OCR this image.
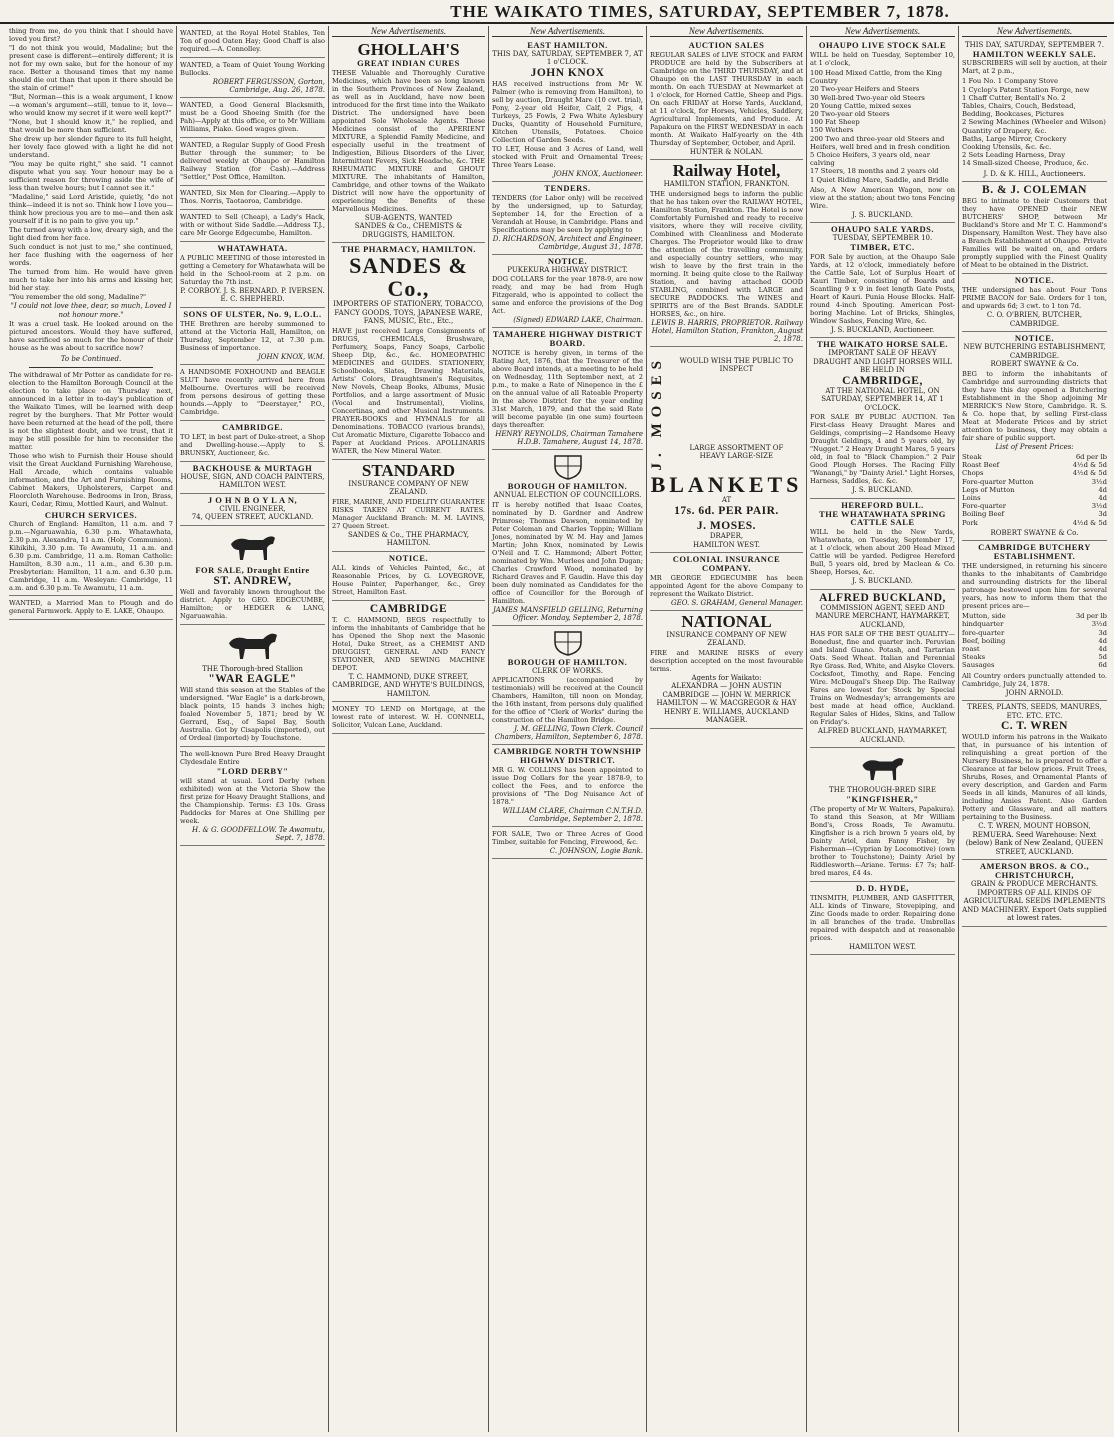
THE WAIKATO TIMES, SATURDAY, SEPTEMBER 7, 1878.
thing from me, do you think that I should have loved you first?
"I do not think you would, Madaline; but the present case is different—entirely different; it is not for my own sake, but for the honour of my race. Better a thousand times that my name should die out than that upon it there should be the stain of crime!"
"But, Norman—this is a weak argument, I know—a woman's argument—still, tenue to it, love—who would know my secret if it were well kept?"
"None, but I should know it," he replied, and that would be more than sufficient.
She drew up her slender figure to its full height, her lovely face glowed with a light he did not understand.
"You may be quite right," she said. "I cannot dispute what you say. Your honour may be a sufficient reason for throwing aside the wife of less than twelve hours; but I cannot see it."
"Madaline," said Lord Aristide, quietly, "do not think—indeed it is not so. Think how I love you—think how precious you are to me—and then ask yourself if it is no pain to give you up."
The turned away with a low, dreary sigh, and the light died from her face.
Such conduct is not just to me," she continued, her face flushing with the eagerness of her words.
The turned from him. He would have given much to take her into his arms and kissing her, bid her stay.
"You remember the old song, Madaline?"
"I could not love thee, dear, so much, Loved I not honour more."
It was a cruel task. He looked around on the pictured ancestors. Would they have suffered, have sacrificed so much for the honour of their house as he was about to sacrifice now?
To be Continued.
The withdrawal of Mr Potter as candidate for re-election to the Hamilton Borough Council at the election to take place on Thursday next, announced in a letter in to-day's publication of the Waikato Times, will be learned with deep regret by the burghers. That Mr Potter would have been returned at the head of the poll, there is not the slightest doubt, and we trust, that it may be still possible for him to reconsider the matter.
Those who wish to Furnish their House should visit the Great Auckland Furnishing Warehouse, Hall Arcade, which contains valuable information, and the Art and Furnishing Rooms, Cabinet Makers, Upholsterers, Carpet and Floorcloth Warehouse. Bedrooms in Iron, Brass, Kauri, Cedar, Rimu, Mottled Kauri, and Walnut.
CHURCH SERVICES.
Church of England: Hamilton, 11 a.m. and 7 p.m.—Ngaruawahia, 6.30 p.m. Whatawhata, 2.30 p.m. Alexandra, 11 a.m. (Holy Communion). Kihikihi, 3.30 p.m. Te Awamutu, 11 a.m. and 6.30 p.m. Cambridge, 11 a.m. Roman Catholic: Hamilton, 8.30 a.m., 11 a.m., and 6.30 p.m. Presbyterian: Hamilton, 11 a.m. and 6.30 p.m. Cambridge, 11 a.m. Wesleyan: Cambridge, 11 a.m. and 6.30 p.m. Te Awamutu, 11 a.m.
WANTED, a Married Man to Plough and do general Farmwork. Apply to E. LAKE, Ohaupo.
WANTED, at the Royal Hotel Stables, Ten Ton of good Oaten Hay; Good Chaff is also required.—A. Connolley.
WANTED, a Team of Quiet Young Working Bullocks.
ROBERT FERGUSSON, Gorton, Cambridge, Aug. 26, 1878.
WANTED, a Good General Blacksmith, must be a Good Shoeing Smith (for the Pah)—Apply at this office, or to Mr William Williams, Piako. Good wages given.
WANTED, a Regular Supply of Good Fresh Butter through the summer; to be delivered weekly at Ohaupo or Hamilton Railway Station (for Cash).—Address "Settler," Post Office, Hamilton.
WANTED, Six Men for Clearing.—Apply to Thos. Norris, Taotaoroa, Cambridge.
WANTED to Sell (Cheap), a Lady's Hack, with or without Side Saddle.—Address T.J., care Mr George Edgecumbe, Hamilton.
WHATAWHATA.
A PUBLIC MEETING of those interested in getting a Cemetery for Whatawhata will be held in the School-room at 2 p.m. on Saturday the 7th inst.
P. CORBOY. J. S. BERNARD. P. IVERSEN. E. C. SHEPHERD.
SONS OF ULSTER, No. 9, L.O.L.
THE Brethren are hereby summoned to attend at the Victoria Hall, Hamilton, on Thursday, September 12, at 7.30 p.m. Business of importance.
JOHN KNOX, W.M.
A HANDSOME FOXHOUND and BEAGLE SLUT have recently arrived here from Melbourne. Overtures will be received from persons desirous of getting these hounds.—Apply to "Deerstayer," P.O., Cambridge.
CAMBRIDGE.
TO LET, in best part of Duke-street, a Shop and Dwelling-house.—Apply to S. BRUNSKY, Auctioneer, &c.
BACKHOUSE & MURTAGH
HOUSE, SIGN, AND COACH PAINTERS,
HAMILTON WEST.
J O H N B O Y L A N,
CIVIL ENGINEER,
74, QUEEN STREET, AUCKLAND.
FOR SALE, Draught Entire
ST. ANDREW,
Well and favorably known throughout the district. Apply to GEO. EDGECUMBE, Hamilton; or HEDGER & LANG, Ngaruawahia.
THE Thorough-bred Stallion
"WAR EAGLE"
Will stand this season at the Stables of the undersigned. "War Eagle" is a dark-brown, black points, 15 hands 3 inches high; foaled November 5, 1871; bred by W. Gerrard, Esq., of Sapel Bay, South Australia. Got by Cisapolis (imported), out of Ordeal (imported) by Touchstone.
The well-known Pure Bred Heavy Draught Clydesdale Entire
"LORD DERBY"
will stand at usual. Lord Derby (when exhibited) won at the Victoria Show the first prize for Heavy Draught Stallions, and the Championship. Terms: £3 10s. Grass Paddocks for Mares at One Shilling per week.
H. & G. GOODFELLOW. Te Awamutu, Sept. 7, 1878.
New Advertisements.
GHOLLAH'S
GREAT INDIAN CURES
THESE Valuable and Thoroughly Curative Medicines, which have been so long known in the Southern Provinces of New Zealand, as well as in Auckland, have now been introduced for the first time into the Waikato District. The undersigned have been appointed Sole Wholesale Agents. These Medicines consist of the APERIENT MIXTURE, a Splendid Family Medicine, and especially useful in the treatment of Indigestion, Bilious Disorders of the Liver, Intermittent Fevers, Sick Headache, &c. THE RHEUMATIC MIXTURE and GHOUT MIXTURE. The inhabitants of Hamilton, Cambridge, and other towns of the Waikato District will now have the opportunity of experiencing the Benefits of these Marvellous Medicines.
SUB-AGENTS, WANTED
SANDES & Co., CHEMISTS & DRUGGISTS, HAMILTON.
THE PHARMACY, HAMILTON.
SANDES & Co.,
IMPORTERS OF STATIONERY, TOBACCO, FANCY GOODS, TOYS, JAPANESE WARE, FANS, MUSIC, Etc., Etc.,
HAVE just received Large Consignments of DRUGS, CHEMICALS, Brushware, Perfumery, Soaps, Fancy Soaps, Carbolic Sheep Dip, &c., &c. HOMEOPATHIC MEDICINES and GUIDES. STATIONERY, Schoolbooks, Slates, Drawing Materials, Artists' Colors, Draughtsmen's Requisites, New Novels, Cheap Books, Albums, Music Portfolios, and a large assortment of Music (Vocal and Instrumental), Violins, Concertinas, and other Musical Instruments. PRAYER-BOOKS and HYMNALS for all Denominations. TOBACCO (various brands), Cut Aromatic Mixture, Cigarette Tobacco and Paper at Auckland Prices. APOLLINARIS WATER, the New Mineral Water.
STANDARD
INSURANCE COMPANY OF NEW ZEALAND.
FIRE, MARINE, AND FIDELITY GUARANTEE RISKS TAKEN AT CURRENT RATES. Manager Auckland Branch: M. M. LAVINS, 27 Queen Street.
SANDES & Co., THE PHARMACY, HAMILTON.
NOTICE.
ALL kinds of Vehicles Painted, &c., at Reasonable Prices, by G. LOVEGROVE, House Painter, Paperhanger, &c., Grey Street, Hamilton East.
CAMBRIDGE
T. C. HAMMOND, BEGS respectfully to inform the inhabitants of Cambridge that he has Opened the Shop next the Masonic Hotel, Duke Street, as a CHEMIST AND DRUGGIST, GENERAL AND FANCY STATIONER, AND SEWING MACHINE DEPOT.
T. C. HAMMOND, DUKE STREET, CAMBRIDGE, AND WHYTE'S BUILDINGS, HAMILTON.
MONEY TO LEND on Mortgage, at the lowest rate of interest. W. H. CONNELL, Solicitor, Vulcan Lane, Auckland.
New Advertisements.
EAST HAMILTON.
THIS DAY, SATURDAY, SEPTEMBER 7, AT 1 o'CLOCK.
JOHN KNOX
HAS received instructions from Mr W. Palmer (who is removing from Hamilton), to sell by auction, Draught Mare (10 cwt. trial), Pony, 2-year old Heifer, Calf, 2 Pigs, 4 Turkeys, 25 Fowls, 2 Fwa White Aylesbury Ducks, Quantity of Household Furniture, Kitchen Utensils, Potatoes. Choice Collection of Garden Seeds.
TO LET, House and 3 Acres of Land, well stocked with Fruit and Ornamental Trees; Three Years Lease.
JOHN KNOX, Auctioneer.
TENDERS.
TENDERS (for Labor only) will be received by the undersigned, up to Saturday, September 14, for the Erection of a Verandah at House, in Cambridge. Plans and Specifications may be seen by applying to
D. RICHARDSON, Architect and Engineer, Cambridge, August 31, 1878.
NOTICE.
PUKEKURA HIGHWAY DISTRICT.
DOG COLLARS for the year 1878-9, are now ready, and may be had from Hugh Fitzgerald, who is appointed to collect the same and enforce the provisions of the Dog Act.
(Signed) EDWARD LAKE, Chairman.
TAMAHERE HIGHWAY DISTRICT BOARD.
NOTICE is hereby given, in terms of the Rating Act, 1876, that the Treasurer of the above Board intends, at a meeting to be held on Wednesday, 11th September next, at 2 p.m., to make a Rate of Ninepence in the £ on the annual value of all Rateable Property in the above District for the year ending 31st March, 1879, and that the said Rate will become payable (in one sum) fourteen days thereafter.
HENRY REYNOLDS, Chairman Tamahere H.D.B. Tamahere, August 14, 1878.
BOROUGH OF HAMILTON.
ANNUAL ELECTION OF COUNCILLORS.
IT is hereby notified that Isaac Coates, nominated by D. Gardner and Andrew Primrose; Thomas Dawson, nominated by Peter Coleman and Charles Toppin; William Jones, nominated by W. M. Hay and James Martin; John Knox, nominated by Lewis O'Neil and T. C. Hammond; Albert Potter, nominated by Wm. Murlees and John Dugan; Charles Crawford Wood, nominated by Richard Graves and F. Gaudin. Have this day been duly nominated as Candidates for the office of Councillor for the Borough of Hamilton.
JAMES MANSFIELD GELLING, Returning Officer. Monday, September 2, 1878.
BOROUGH OF HAMILTON.
CLERK OF WORKS.
APPLICATIONS (accompanied by testimonials) will be received at the Council Chambers, Hamilton, till noon on Monday, the 16th instant, from persons duly qualified for the office of "Clerk of Works" during the construction of the Hamilton Bridge.
J. M. GELLING, Town Clerk. Council Chambers, Hamilton, September 6, 1878.
CAMBRIDGE NORTH TOWNSHIP HIGHWAY DISTRICT.
MR G. W. COLLINS has been appointed to issue Dog Collars for the year 1878-9, to collect the Fees, and to enforce the provisions of "The Dog Nuisance Act of 1878."
WILLIAM CLARE, Chairman C.N.T.H.D. Cambridge, September 2, 1878.
FOR SALE, Two or Three Acres of Good Timber, suitable for Fencing, Firewood, &c.
C. JOHNSON, Logie Bank.
New Advertisements.
AUCTION SALES
REGULAR SALES of LIVE STOCK and FARM PRODUCE are held by the Subscribers at Cambridge on the THIRD THURSDAY, and at Ohaupo on the LAST THURSDAY in each month. On each TUESDAY at Newmarket at 1 o'clock, for Horned Cattle, Sheep and Pigs. On each FRIDAY at Horse Yards, Auckland, at 11 o'clock, for Horses, Vehicles, Saddlery, Agricultural Implements, and Produce. At Papakura on the FIRST WEDNESDAY in each month. At Waikato Half-yearly on the 4th Thursday of September, October, and April.
HUNTER & NOLAN.
Railway Hotel,
HAMILTON STATION, FRANKTON.
THE undersigned begs to inform the public that he has taken over the RAILWAY HOTEL, Hamilton Station, Frankton. The Hotel is now Comfortably Furnished and ready to receive visitors, where they will receive civility, Combined with Cleanliness and Moderate Charges. The Proprietor would like to draw the attention of the travelling community, and especially country settlers, who may wish to leave by the first train in the morning. It being quite close to the Railway Station, and having attached GOOD STABLING, combined with LARGE and SECURE PADDOCKS. The WINES and SPIRITS are of the Best Brands. SADDLE HORSES, &c., on hire.
LEWIS B. HARRIS, PROPRIETOR. Railway Hotel, Hamilton Station, Frankton, August 2, 1878.
J. MOSES	WOULD WISH THE PUBLIC TO INSPECT
LARGE ASSORTMENT OF
HEAVY LARGE-SIZE
BLANKETS
AT
17s. 6d. PER PAIR.
J. MOSES.
DRAPER,
HAMILTON WEST.
COLONIAL INSURANCE COMPANY.
MR GEORGE EDGECUMBE has been appointed Agent for the above Company to represent the Waikato District.
GEO. S. GRAHAM, General Manager.
NATIONAL
INSURANCE COMPANY OF NEW ZEALAND.
FIRE and MARINE RISKS of every description accepted on the most favourable terms.
Agents for Waikato:
ALEXANDRA — JOHN AUSTIN
CAMBRIDGE — JOHN W. MERRICK
HAMILTON — W. MACGREGOR & HAY
HENRY E. WILLIAMS, AUCKLAND MANAGER.
New Advertisements.
OHAUPO LIVE STOCK SALE
WILL be held on Tuesday, September 10, at 1 o'clock,
100 Head Mixed Cattle, from the King Country
20 Two-year Heifers and Steers
30 Well-bred Two-year old Steers
20 Young Cattle, mixed sexes
20 Two-year old Steers
100 Fat Sheep
150 Wethers
200 Two and three-year old Steers and Heifers, well bred and in fresh condition
5 Choice Heifers, 3 years old, near calving
17 Steers, 18 months and 2 years old
1 Quiet Riding Mare, Saddle, and Bridle
Also, A New American Wagon, now on view at the station; about two tons Fencing Wire.
J. S. BUCKLAND.
OHAUPO SALE YARDS.
TUESDAY, SEPTEMBER 10.
TIMBER, ETC.
FOR Sale by auction, at the Ohaupo Sale Yards, at 12 o'clock, immediately before the Cattle Sale, Lot of Surplus Heart of Kauri Timber, consisting of Boards and Scantling 9 x 9 in feet length Gate Posts, Heart of Kauri. Punia House Blocks. Half-round 4-inch Spouting. American Post-boring Machine. Lot of Bricks, Shingles, Window Sashes, Fencing Wire, &c.
J. S. BUCKLAND, Auctioneer.
THE WAIKATO HORSE SALE.
IMPORTANT SALE OF HEAVY DRAUGHT AND LIGHT HORSES WILL BE HELD IN
CAMBRIDGE,
AT THE NATIONAL HOTEL, ON SATURDAY, SEPTEMBER 14, AT 1 O'CLOCK.
FOR SALE BY PUBLIC AUCTION. Ten First-class Heavy Draught Mares and Geldings, comprising—2 Handsome Heavy Draught Geldings, 4 and 5 years old, by "Nugget." 2 Heavy Draught Mares, 5 years old, in foal to "Black Champion." 2 Pair Good Plough Horses. The Racing Filly "Wanangi," by "Dainty Ariel." Light Horses, Harness, Saddles, &c. &c.
J. S. BUCKLAND.
HEREFORD BULL.
THE WHATAWHATA SPRING CATTLE SALE
WILL be held in the New Yards, Whatawhata, on Tuesday, September 17, at 1 o'clock, when about 200 Head Mixed Cattle will be yarded. Pedigree Hereford Bull, 5 years old, bred by Maclean & Co. Sheep, Horses, &c.
J. S. BUCKLAND.
ALFRED BUCKLAND,
COMMISSION AGENT, SEED AND MANURE MERCHANT, HAYMARKET, AUCKLAND,
HAS FOR SALE OF THE BEST QUALITY—Bonedust, fine and quarter inch. Peruvian and Island Guano. Potash, and Tartarian Oats. Seed Wheat. Italian and Perennial Rye Grass. Red, White, and Alsyke Clovers. Cocksfoot, Timothy, and Rape. Fencing Wire. McDougal's Sheep Dip. The Railway Fares are lowest for Stock by Special Trains on Wednesday's; arrangements are best made at head office, Auckland. Regular Sales of Hides, Skins, and Tallow on Friday's.
ALFRED BUCKLAND, HAYMARKET, AUCKLAND.
THE THOROUGH-BRED SIRE
"KINGFISHER,"
(The property of Mr W. Walters, Papakura). To stand this Season, at Mr William Bond's, Cross Roads, Te Awamutu. Kingfisher is a rich brown 5 years old, by Dainty Ariel, dam Fanny Fisher, by Fisherman—(Cyprian by Locomotive) (own brother to Touchstone); Dainty Ariel by Riddlesworth—Ariane. Terms: £7 7s; half-bred mares, £4 4s.
D. D. HYDE,
TINSMITH, PLUMBER, AND GASFITTER, ALL kinds of Tinware, Stovepiping, and Zinc Goods made to order. Repairing done in all branches of the trade. Umbrellas repaired with despatch and at reasonable prices.
HAMILTON WEST.
New Advertisements.
THIS DAY, SATURDAY, SEPTEMBER 7.
HAMILTON WEEKLY SALE.
SUBSCRIBERS will sell by auction, at their Mart, at 2 p.m.,
1 Fou No. 1 Company Stove
1 Cyclop's Patent Station Forge, new
1 Chaff Cutter, Bentall's No. 2
Tables, Chairs, Couch, Bedstead, Bedding, Bookcases, Pictures
2 Sewing Machines (Wheeler and Wilson)
Quantity of Drapery, &c.
Baths, Large Mirror, Crockery
Cooking Utensils, &c. &c.
2 Sets Leading Harness, Dray
14 Small-sized Cheese, Produce, &c.
J. D. & K. HILL, Auctioneers.
B. & J. COLEMAN
BEG to intimate to their Customers that they have OPENED their NEW BUTCHERS' SHOP, between Mr Buckland's Store and Mr T. C. Hammond's Dispensary, Hamilton West. They have also a Branch Establishment at Ohaupo. Private Families will be waited on, and orders promptly supplied with the Finest Quality of Meat to be obtained in the District.
NOTICE.
THE undersigned has about Four Tons PRIME BACON for Sale. Orders for 1 ton, and upwards 6d; 3 cwt. to 1 ton 7d.
C. O. O'BRIEN, BUTCHER, CAMBRIDGE.
NOTICE.
NEW BUTCHERING ESTABLISHMENT, CAMBRIDGE.
ROBERT SWAYNE & Co.
BEG to inform the inhabitants of Cambridge and surrounding districts that they have this day opened a Butchering Establishment in the Shop adjoining Mr MERRICK'S New Store, Cambridge. R. S. & Co. hope that, by selling First-class Meat at Moderate Prices and by strict attention to business, they may obtain a fair share of public support.
List of Present Prices:
Steak	6d per lb
Roast Beef	4½d & 5d
Chops	4½d & 5d
Fore-quarter Mutton	3½d
Legs of Mutton	4d
Loins	4d
Fore-quarter	3½d
Boiling Beef	3d
Pork	4½d & 5d
ROBERT SWAYNE & Co.
CAMBRIDGE BUTCHERY ESTABLISHMENT.
THE undersigned, in returning his sincere thanks to the inhabitants of Cambridge and surrounding districts for the liberal patronage bestowed upon him for several years, has now to inform them that the present prices are—
Mutton, side	3d per lb
hindquarter	3½d
fore-quarter	3d
Beef, boiling	4d
roast	4d
Steaks	5d
Sausages	6d
All Country orders punctually attended to. Cambridge, July 24, 1878.
JOHN ARNOLD.
TREES, PLANTS, SEEDS, MANURES, ETC. ETC. ETC.
C. T. WREN
WOULD inform his patrons in the Waikato that, in pursuance of his intention of relinquishing a great portion of the Nursery Business, he is prepared to offer a Clearance at far below prices. Fruit Trees, Shrubs, Roses, and Ornamental Plants of every description, and Garden and Farm Seeds in all kinds, Manures of all kinds, including Amies Patent. Also Garden Pottery and Glassware, and all matters pertaining to the Business.
C. T. WREN, MOUNT HOBSON, REMUERA. Seed Warehouse: Next (below) Bank of New Zealand, QUEEN STREET, AUCKLAND.
AMERSON BROS. & CO., CHRISTCHURCH,
GRAIN & PRODUCE MERCHANTS. IMPORTERS OF ALL KINDS OF AGRICULTURAL SEEDS IMPLEMENTS AND MACHINERY. Export Oats supplied at lowest rates.
